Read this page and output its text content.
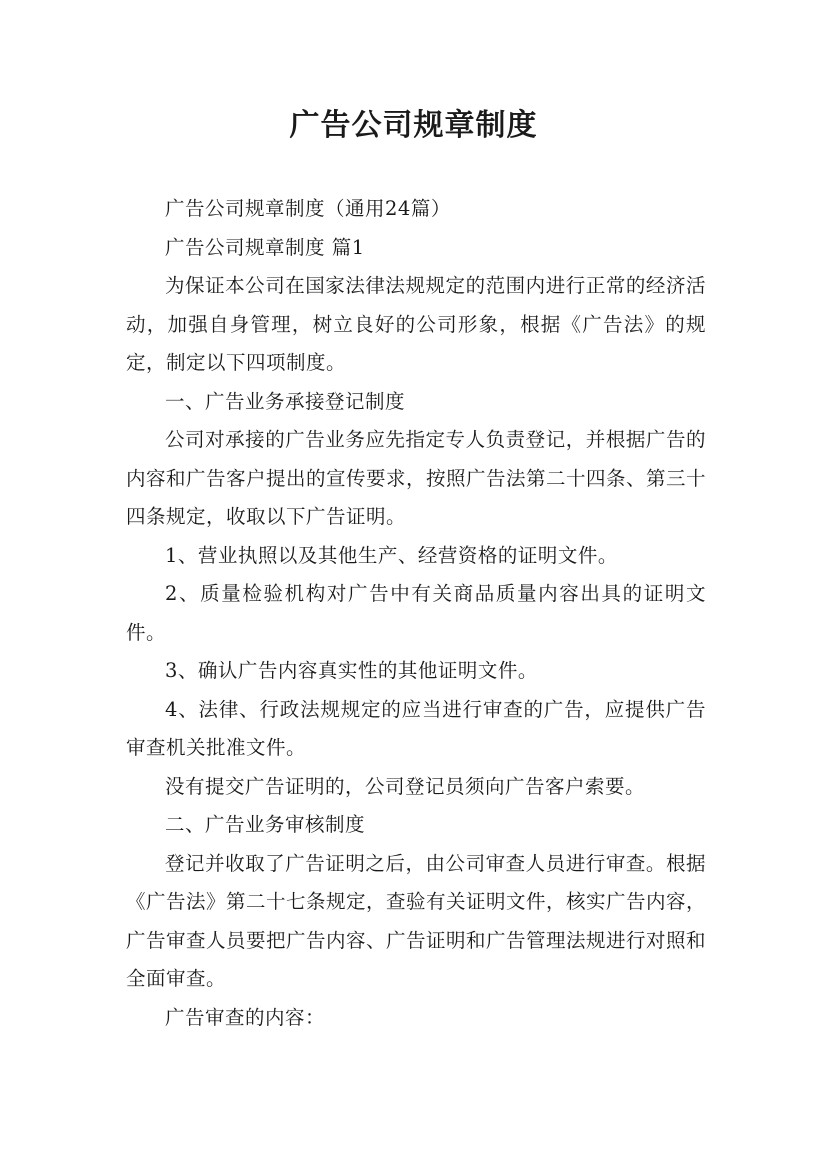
广告公司规章制度

广告公司规章制度（通用24篇）

广告公司规章制度 篇1

为保证本公司在国家法律法规规定的范围内进行正常的经济活动，加强自身管理，树立良好的公司形象，根据《广告法》的规定，制定以下四项制度。

一、广告业务承接登记制度

公司对承接的广告业务应先指定专人负责登记，并根据广告的内容和广告客户提出的宣传要求，按照广告法第二十四条、第三十四条规定，收取以下广告证明。

1、营业执照以及其他生产、经营资格的证明文件。

2、质量检验机构对广告中有关商品质量内容出具的证明文件。

3、确认广告内容真实性的其他证明文件。

4、法律、行政法规规定的应当进行审查的广告，应提供广告审查机关批准文件。

没有提交广告证明的，公司登记员须向广告客户索要。

二、广告业务审核制度

登记并收取了广告证明之后，由公司审查人员进行审查。根据《广告法》第二十七条规定，查验有关证明文件，核实广告内容，广告审查人员要把广告内容、广告证明和广告管理法规进行对照和全面审查。

广告审查的内容：
